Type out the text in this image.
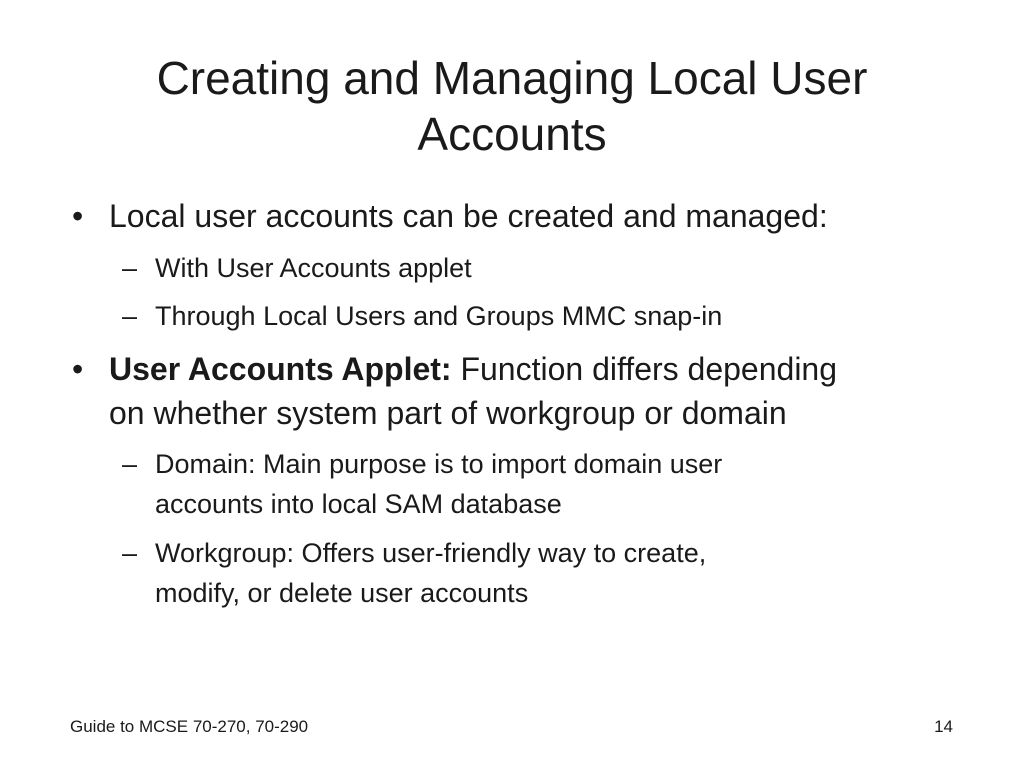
Creating and Managing Local User
Accounts
• Local user accounts can be created and managed:
– With User Accounts applet
– Through Local Users and Groups MMC snap-in
• User Accounts Applet: Function differs depending
on whether system part of workgroup or domain
– Domain: Main purpose is to import domain user
accounts into local SAM database
– Workgroup: Offers user-friendly way to create,
modify, or delete user accounts
Guide to MCSE 70-270, 70-290	14
